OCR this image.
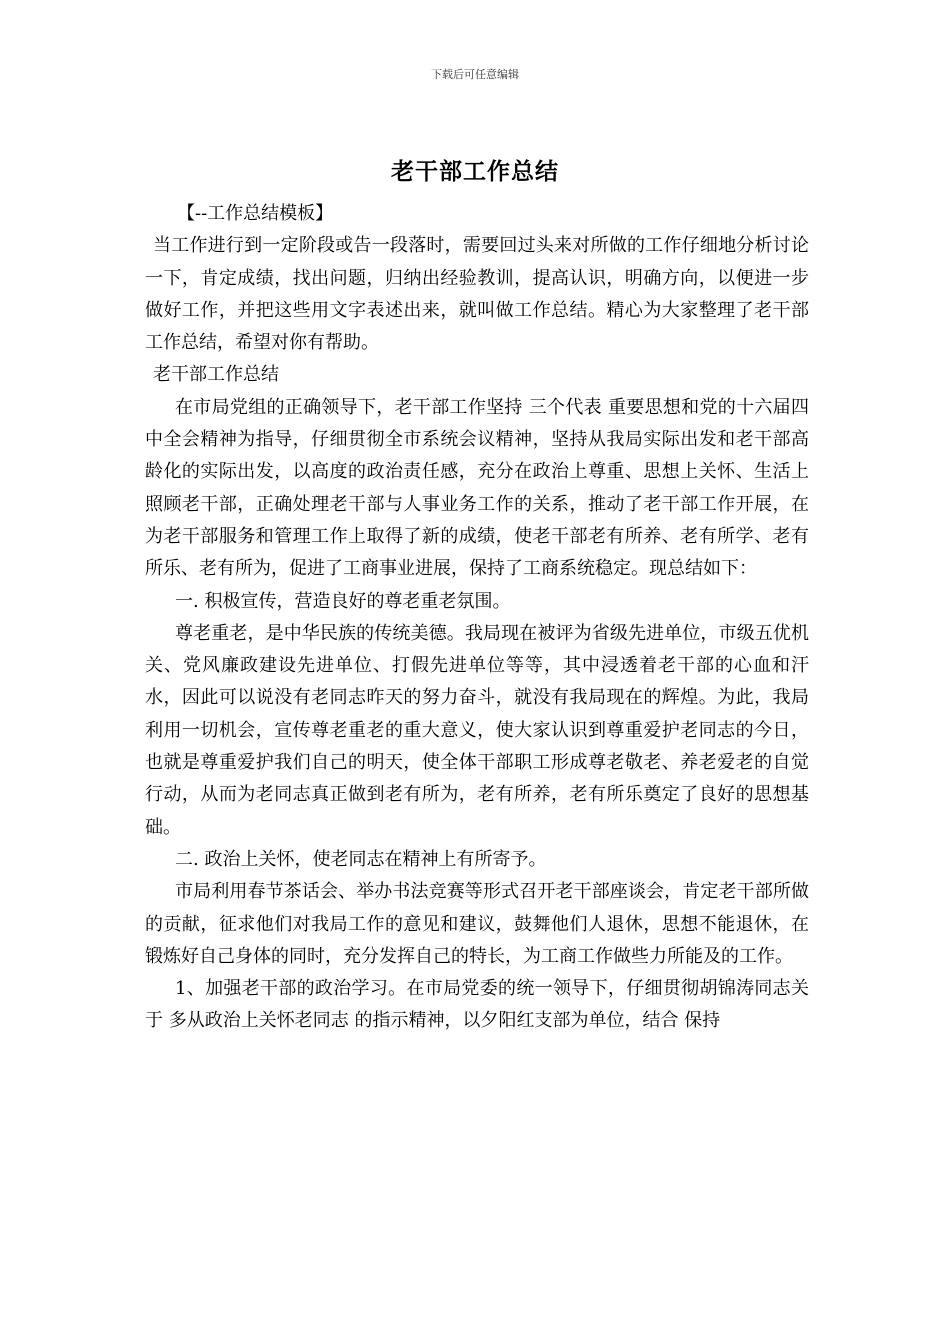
下载后可任意编辑
老干部工作总结

【--工作总结模板】

当工作进行到一定阶段或告一段落时，需要回过头来对所做的工作仔细地分析讨论一下，肯定成绩，找出问题，归纳出经验教训，提高认识，明确方向，以便进一步做好工作，并把这些用文字表述出来，就叫做工作总结。精心为大家整理了老干部工作总结，希望对你有帮助。

老干部工作总结

在市局党组的正确领导下，老干部工作坚持 三个代表 重要思想和党的十六届四中全会精神为指导，仔细贯彻全市系统会议精神，坚持从我局实际出发和老干部高龄化的实际出发，以高度的政治责任感，充分在政治上尊重、思想上关怀、生活上照顾老干部，正确处理老干部与人事业务工作的关系，推动了老干部工作开展，在为老干部服务和管理工作上取得了新的成绩，使老干部老有所养、老有所学、老有所乐、老有所为，促进了工商事业进展，保持了工商系统稳定。现总结如下：

一. 积极宣传，营造良好的尊老重老氛围。

尊老重老，是中华民族的传统美德。我局现在被评为省级先进单位，市级五优机关、党风廉政建设先进单位、打假先进单位等等，其中浸透着老干部的心血和汗水，因此可以说没有老同志昨天的努力奋斗，就没有我局现在的辉煌。为此，我局利用一切机会，宣传尊老重老的重大意义，使大家认识到尊重爱护老同志的今日，也就是尊重爱护我们自己的明天，使全体干部职工形成尊老敬老、养老爱老的自觉行动，从而为老同志真正做到老有所为，老有所养，老有所乐奠定了良好的思想基础。

二. 政治上关怀，使老同志在精神上有所寄予。

市局利用春节茶话会、举办书法竞赛等形式召开老干部座谈会，肯定老干部所做的贡献，征求他们对我局工作的意见和建议，鼓舞他们人退休，思想不能退休，在锻炼好自己身体的同时，充分发挥自己的特长，为工商工作做些力所能及的工作。

1、加强老干部的政治学习。在市局党委的统一领导下，仔细贯彻胡锦涛同志关于 多从政治上关怀老同志 的指示精神，以夕阳红支部为单位，结合 保持
